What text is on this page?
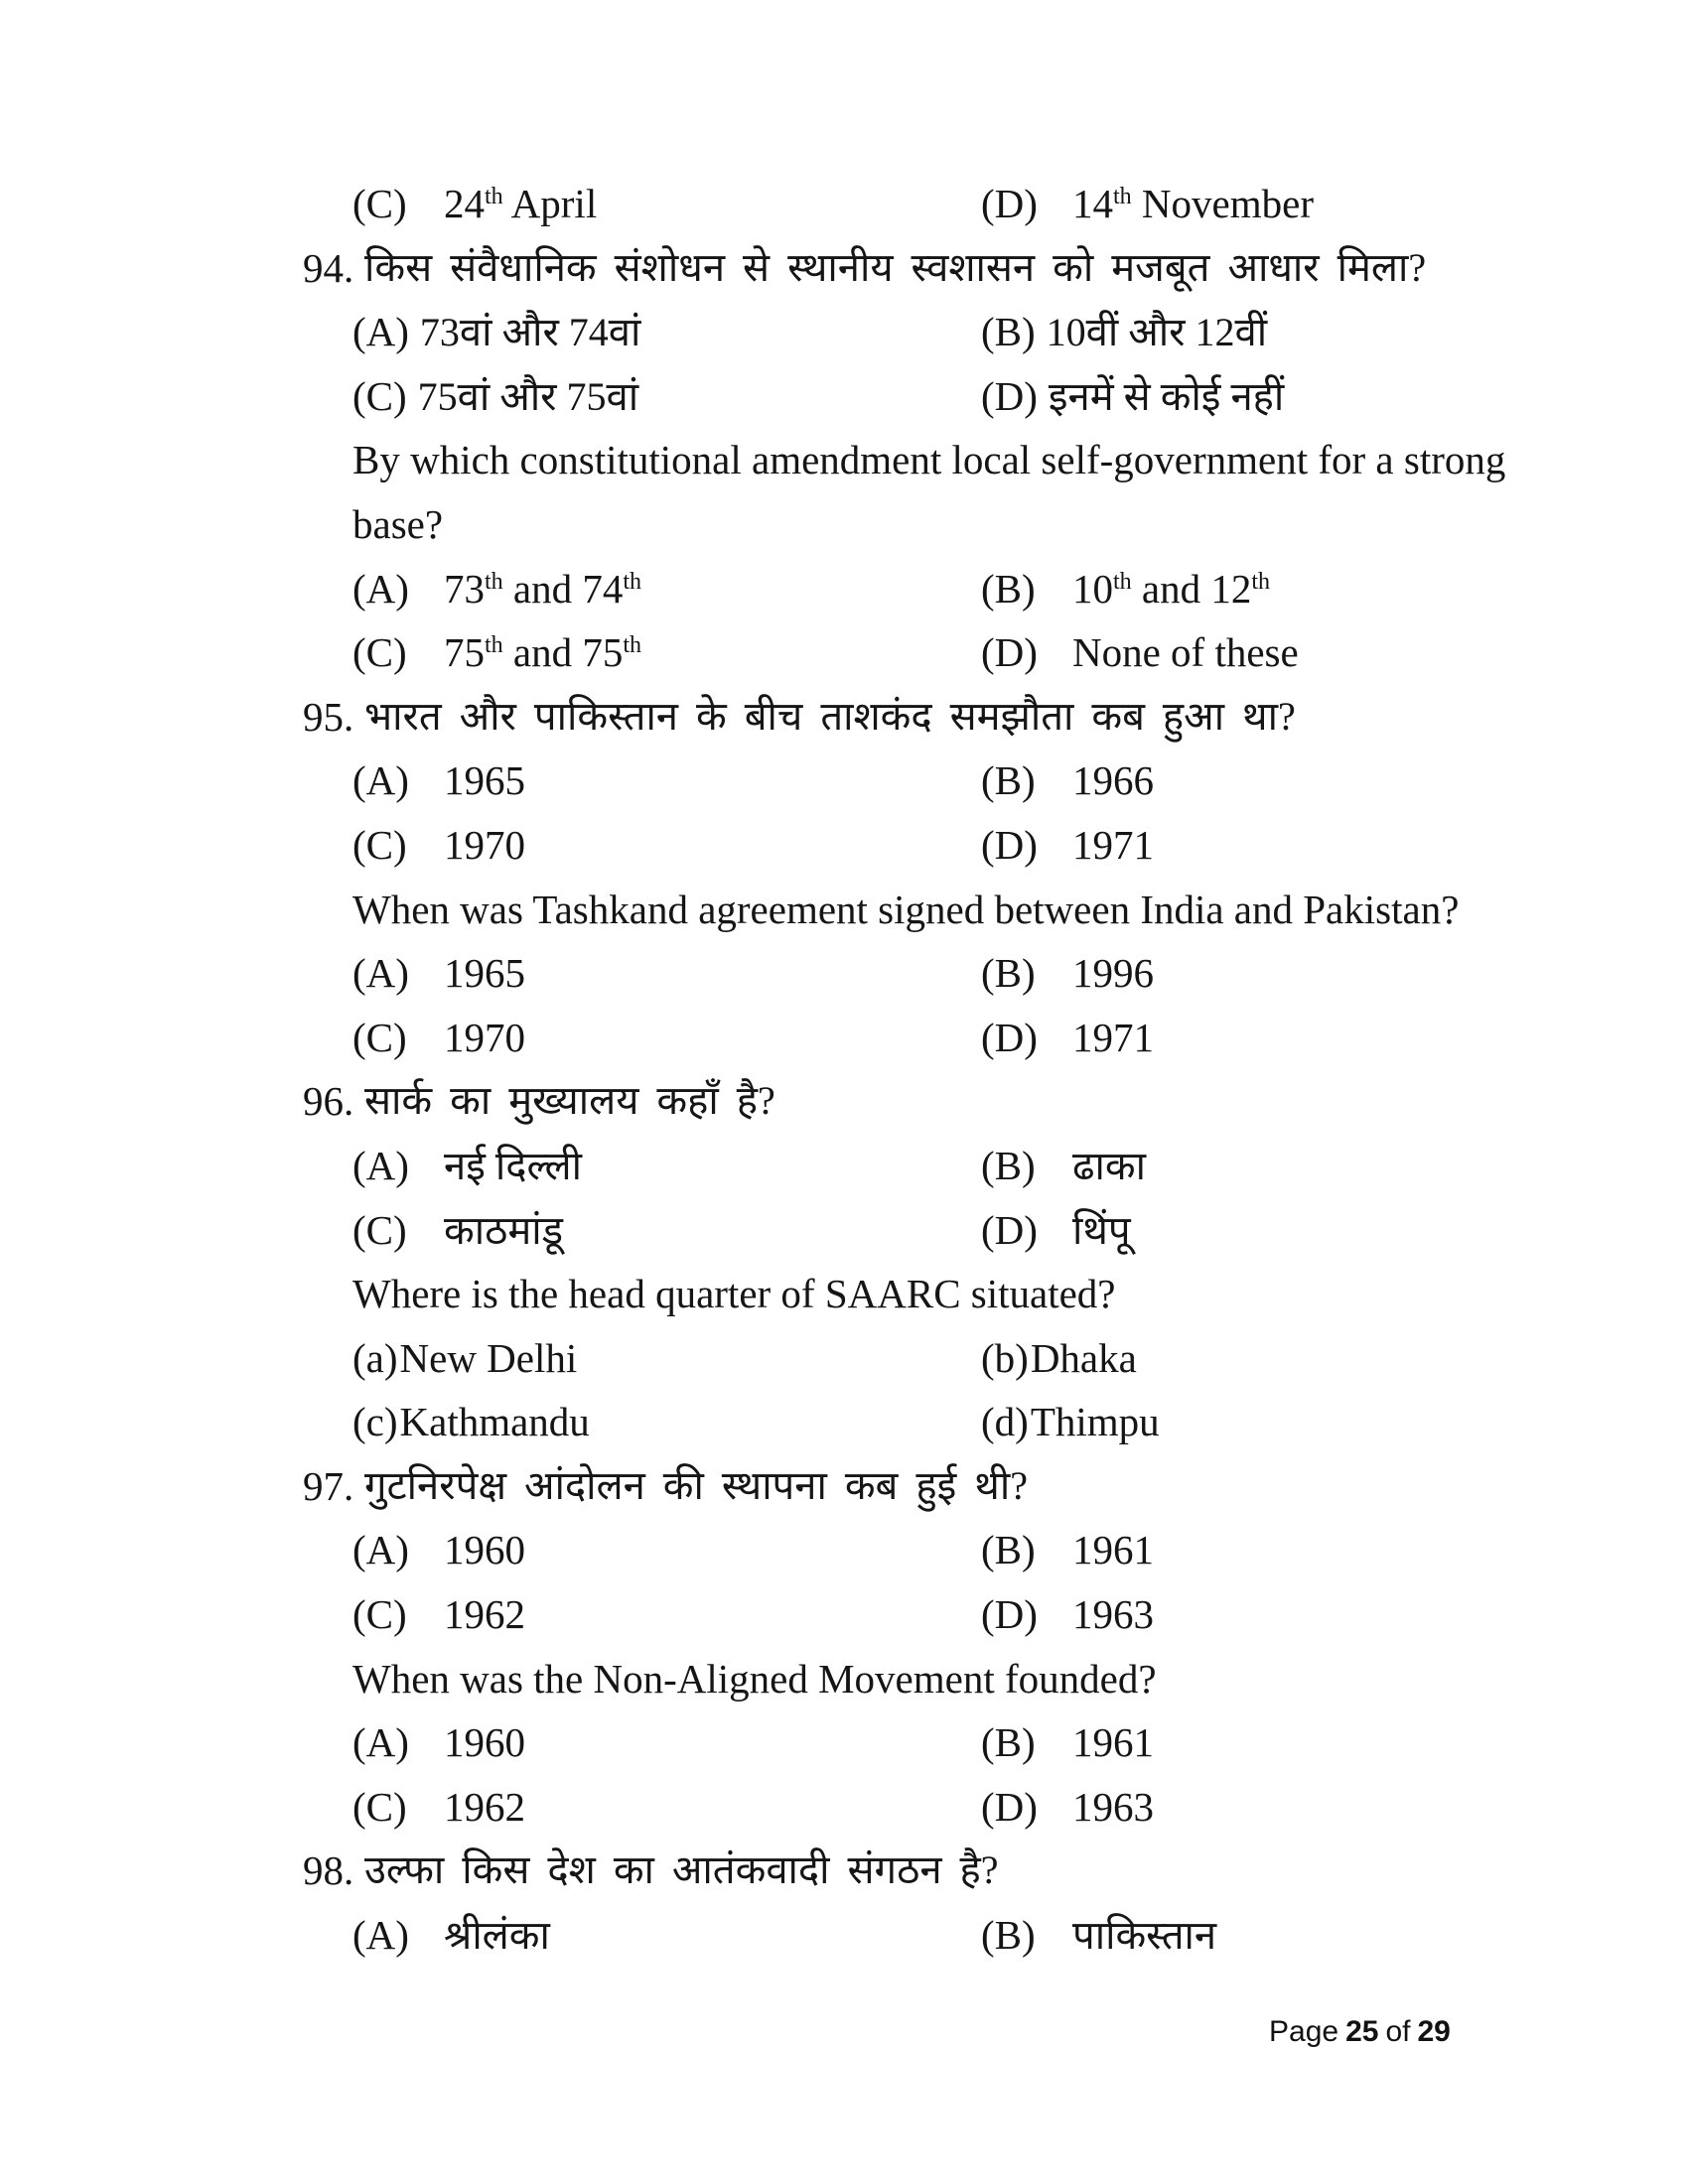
(C) 24th April	(D) 14th November
94. किस संवैधानिक संशोधन से स्थानीय स्वशासन को मजबूत आधार मिला?
(A) 73वां और 74वां	(B) 10वीं और 12वीं
(C) 75वां और 75वां	(D) इनमें से कोई नहीं
By which constitutional amendment local self-government for a strong
base?
(A) 73th and 74th	(B) 10th and 12th
(C) 75th and 75th	(D) None of these
95. भारत और पाकिस्तान के बीच ताशकंद समझौता कब हुआ था?
(A) 1965	(B) 1966
(C) 1970	(D) 1971
When was Tashkand agreement signed between India and Pakistan?
(A) 1965	(B) 1996
(C) 1970	(D) 1971
96. सार्क का मुख्यालय कहाँ है?
(A) नई दिल्ली	(B) ढाका
(C) काठमांडू	(D) थिंपू
Where is the head quarter of SAARC situated?
(a)New Delhi	(b)Dhaka
(c)Kathmandu	(d)Thimpu
97. गुटनिरपेक्ष आंदोलन की स्थापना कब हुई थी?
(A) 1960	(B) 1961
(C) 1962	(D) 1963
When was the Non-Aligned Movement founded?
(A) 1960	(B) 1961
(C) 1962	(D) 1963
98. उल्फा किस देश का आतंकवादी संगठन है?
(A) श्रीलंका	(B) पाकिस्तान
Page 25 of 29
